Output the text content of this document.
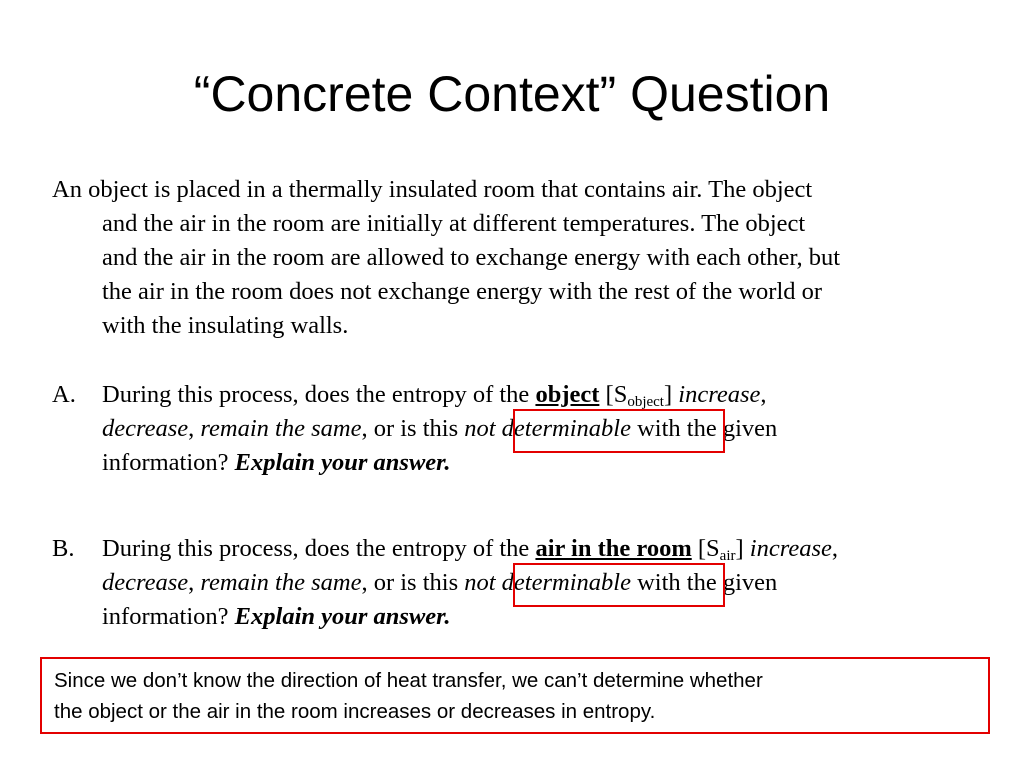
“Concrete Context” Question
An object is placed in a thermally insulated room that contains air. The object
and the air in the room are initially at different temperatures. The object
and the air in the room are allowed to exchange energy with each other, but
the air in the room does not exchange energy with the rest of the world or
with the insulating walls.
A.	During this process, does the entropy of the object $[S_{object}]$ increase,
decrease, remain the same, or is this not determinable with the given
information? Explain your answer.
B.	During this process, does the entropy of the air in the room $[S_{air}]$ increase,
decrease, remain the same, or is this not determinable with the given
information? Explain your answer.
Since we don’t know the direction of heat transfer, we can’t determine whether
the object or the air in the room increases or decreases in entropy.
